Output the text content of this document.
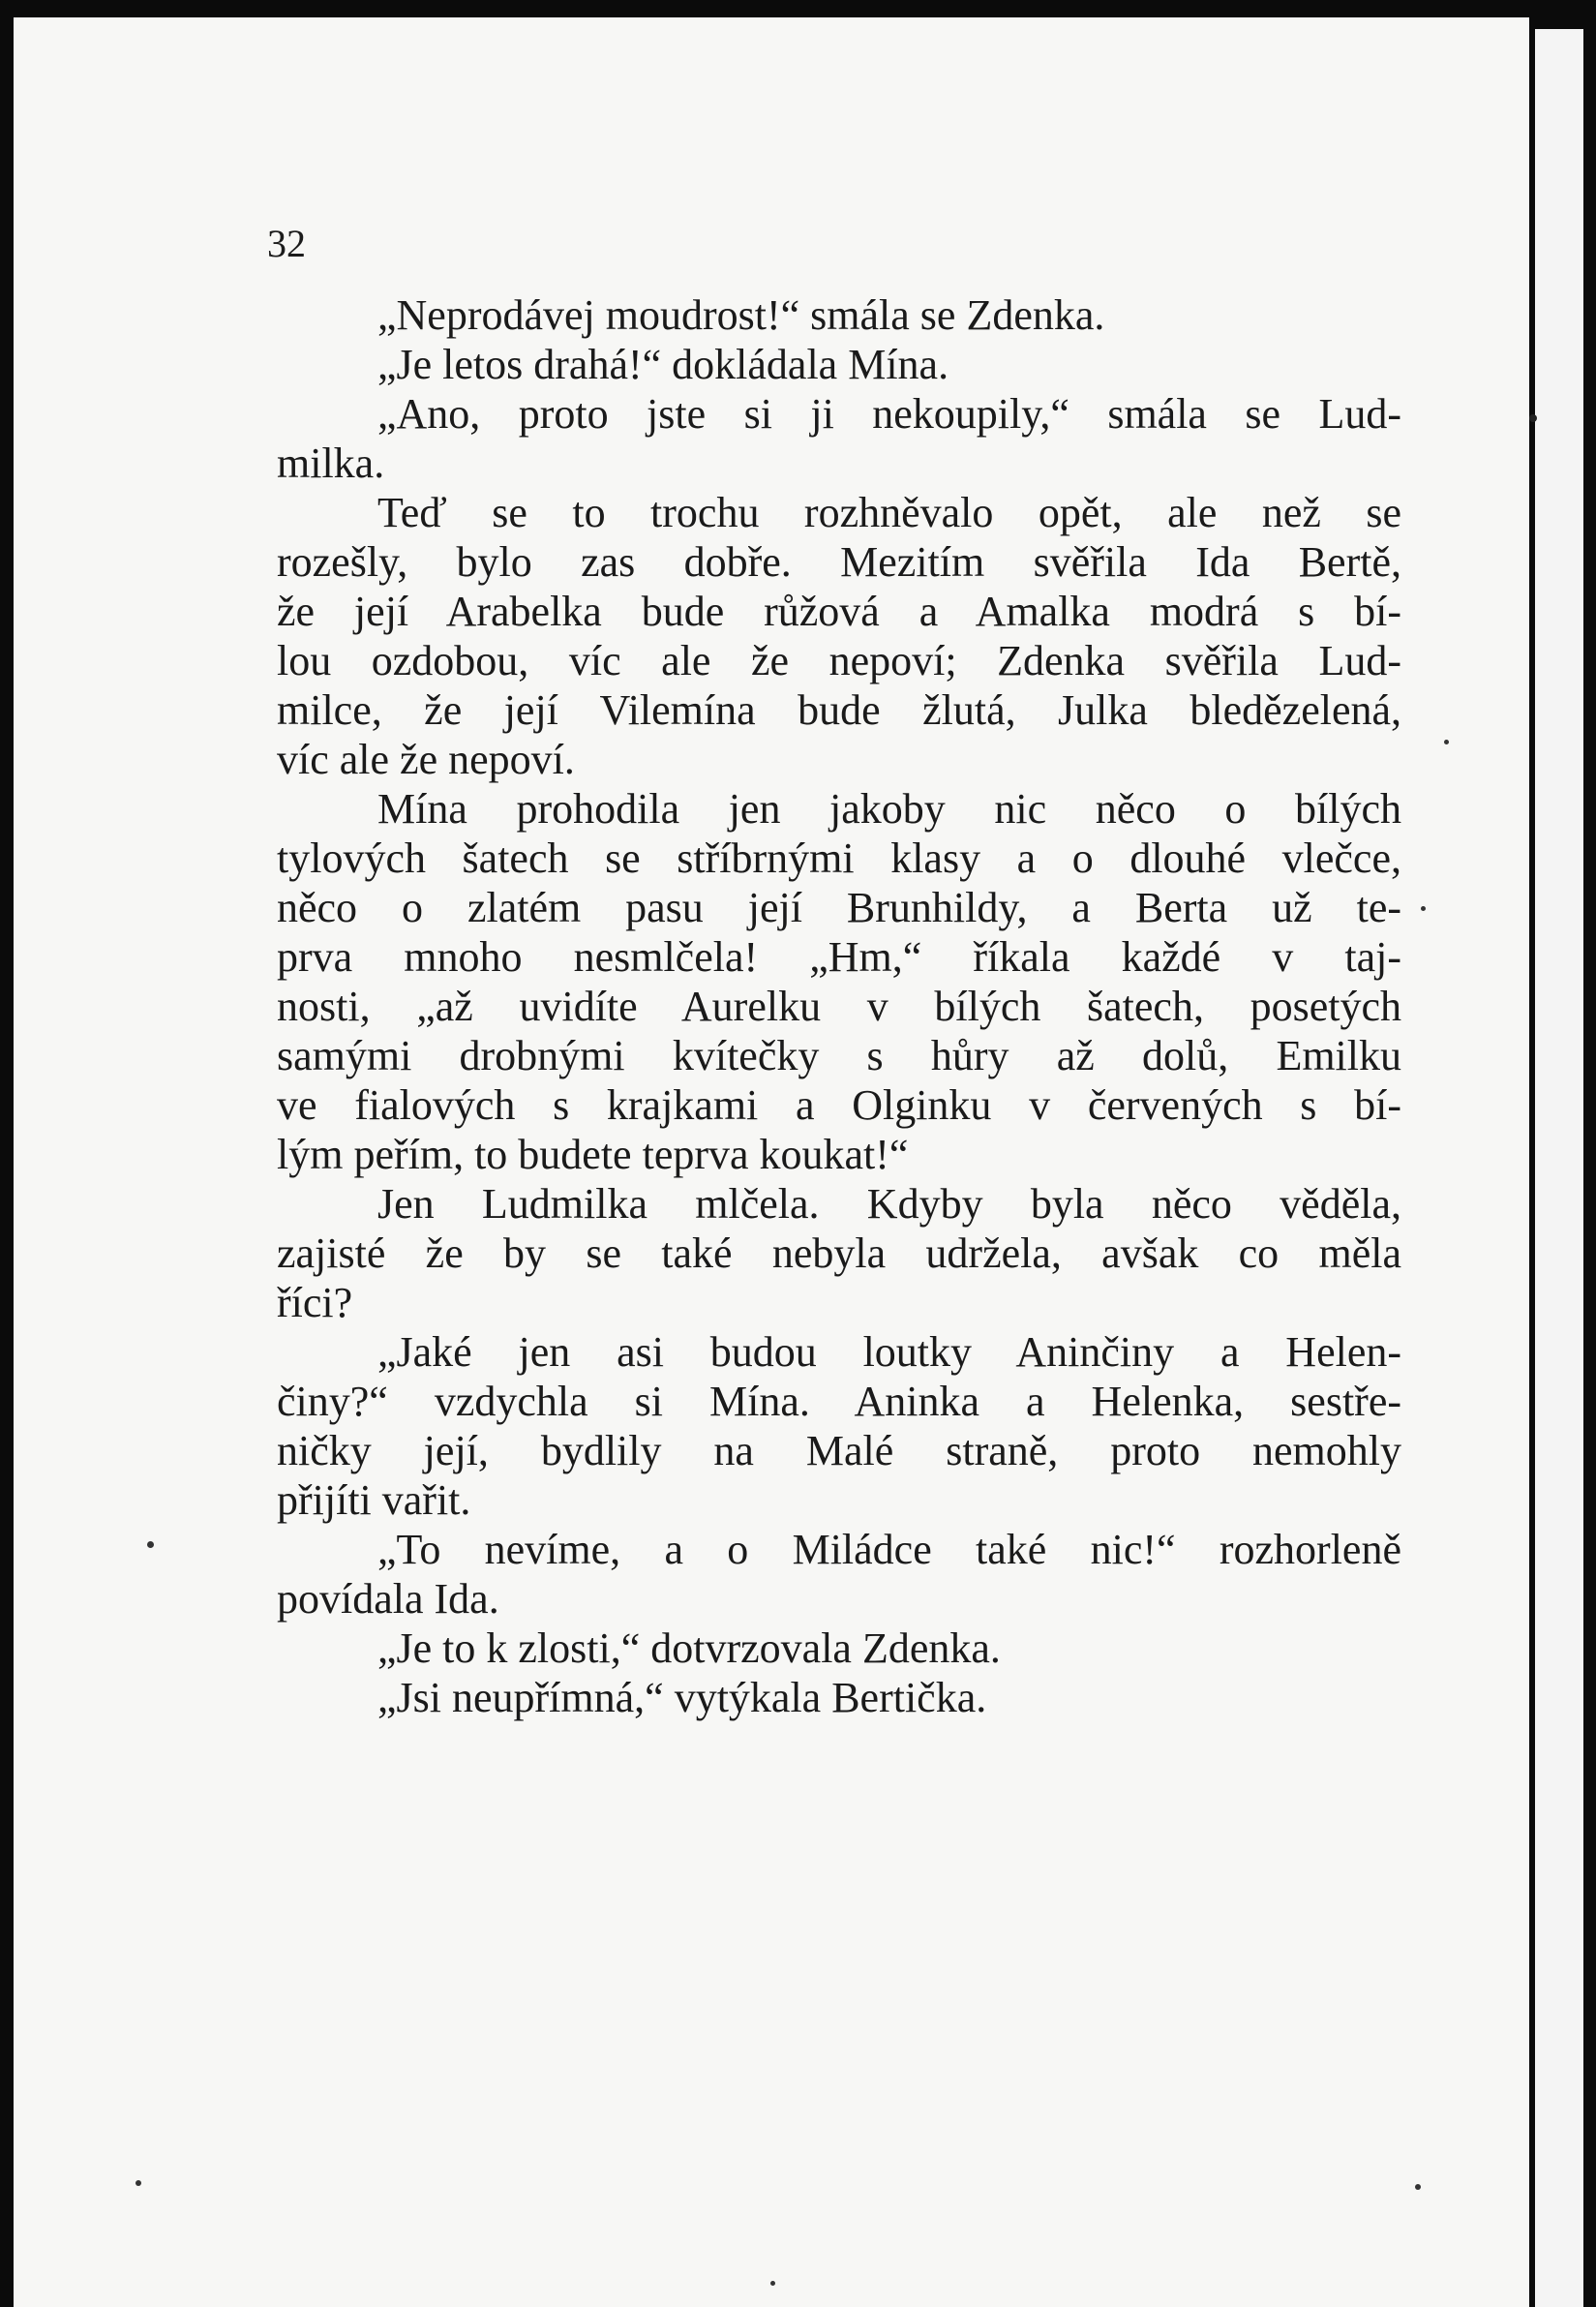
32
„Neprodávej moudrost!“ smála se Zdenka.
„Je letos drahá!“ dokládala Mína.
„Ano, proto jste si ji nekoupily,“ smála se Lud-
milka.
Teď se to trochu rozhněvalo opět, ale než se
rozešly, bylo zas dobře. Mezitím svěřila Ida Bertě,
že její Arabelka bude růžová a Amalka modrá s bí-
lou ozdobou, víc ale že nepoví; Zdenka svěřila Lud-
milce, že její Vilemína bude žlutá, Julka bledězelená,
víc ale že nepoví.
Mína prohodila jen jakoby nic něco o bílých
tylových šatech se stříbrnými klasy a o dlouhé vlečce,
něco o zlatém pasu její Brunhildy, a Berta už te-
prva mnoho nesmlčela! „Hm,“ říkala každé v taj-
nosti, „až uvidíte Aurelku v bílých šatech, posetých
samými drobnými kvítečky s hůry až dolů, Emilku
ve fialových s krajkami a Olginku v červených s bí-
lým peřím, to budete teprva koukat!“
Jen Ludmilka mlčela. Kdyby byla něco věděla,
zajisté že by se také nebyla udržela, avšak co měla
říci?
„Jaké jen asi budou loutky Aninčiny a Helen-
činy?“ vzdychla si Mína. Aninka a Helenka, sestře-
ničky její, bydlily na Malé straně, proto nemohly
přijíti vařit.
„To nevíme, a o Miládce také nic!“ rozhorleně
povídala Ida.
„Je to k zlosti,“ dotvrzovala Zdenka.
„Jsi neupřímná,“ vytýkala Bertička.
